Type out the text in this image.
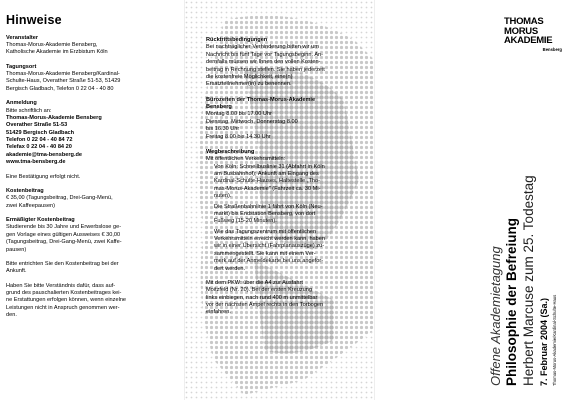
Hinweise
Veranstalter
Thomas-Morus-Akademie Bensberg,
Katholische Akademie im Erzbistum Köln
Tagungsort
Thomas-Morus-Akademie Bensberg/Kardinal-
Schulte-Haus, Overather Straße 51-53, 51429
Bergisch Gladbach, Telefon 0 22 04 - 40 80
Anmeldung
Bitte schriftlich an:
Thomas-Morus-Akademie Bensberg
Overather Straße 51-53
51429 Bergisch Gladbach
Telefon 0 22 04 - 40 84 72
Telefax 0 22 04 - 40 84 20
akademie@tma-bensberg.de
www.tma-bensberg.de
Eine Bestätigung erfolgt nicht.
Kostenbeitrag
€ 35,00 (Tagungsbeitrag, Drei-Gang-Menü,
zwei Kaffeepausen)
Ermäßigter Kostenbeitrag
Studierende bis 30 Jahre und Erwerbslose ge-
gen Vorlage eines gültigen Ausweises € 30,00
(Tagungsbeitrag, Drei-Gang-Menü, zwei Kaffe-
pausen)
Bitte entrichten Sie den Kostenbeitrag bei der
Ankunft.
Haben Sie bitte Verständnis dafür, dass auf-
grund des pauschalierten Kostenbeitrages kei-
ne Erstattungen erfolgen können, wenn einzelne
Leistungen nicht in Anspruch genommen wer-
den.
Rücktrittsbedingungen
Bei nachträglicher Verhinderung bitten wir um
Nachricht bis fünf Tage vor Tagungsbeginn. An-
dernfalls müssen wir Ihnen den vollen Kosten-
beitrag in Rechnung stellen. Sie haben jederzeit
die kostenfreie Möglichkeit, eine(n)
Ersatzteilnehmer(in) zu benennen.
Bürozeiten der Thomas-Morus-Akademie
Bensberg
Montag 8.00 bis 17.00 Uhr
Dienstag, Mittwoch, Donnerstag 8.00
bis 16.30 Uhr
Freitag 8.00 bis 14.30 Uhr
Wegbeschreibung
Mit öffentlichen Verkehrsmitteln:
Von Köln: Schnellbuslinie 31 (Abfahrt in Köln
am Busbahnhof); Ankunft am Eingang des
Kardinal-Schulte-Hauses, Haltestelle „Tho-
mas-Morus-Akademie" (Fahrzeit ca. 30 Mi-
nuten).
Die Straßenbahnlinie 1 fährt von Köln (Neu-
markt) bis Endstation Bensberg, von dort
Fußweg (15-20 Minuten).
Wie das Tagungszentrum mit öffentlichen
Verkehrsmitteln erreicht werden kann, haben
wir in einer Übersicht (Fahrplanauszüge) zu-
sammengestellt. Sie kann mit einem Ver-
merk auf der Anmeldekarte bei uns angefor-
dert werden.
Mit dem PKW: über die A4 zur Ausfahrt
Moitzfeld (Nr. 20). Bei der ersten Kreuzung
links einbiegen, nach rund 400 m unmittelbar
vor der nächsten Ampel rechts in den Torbogen
einfahren.
THOMAS
MORUS
AKADEMIE
Bensberg
Offene Akademietagung Philosophie der Befreiung Herbert Marcuse zum 25. Todestag 7. Februar 2004 (Sa.) Thomas-Morus-Akademie/Kardinal-Schulte-Haus
